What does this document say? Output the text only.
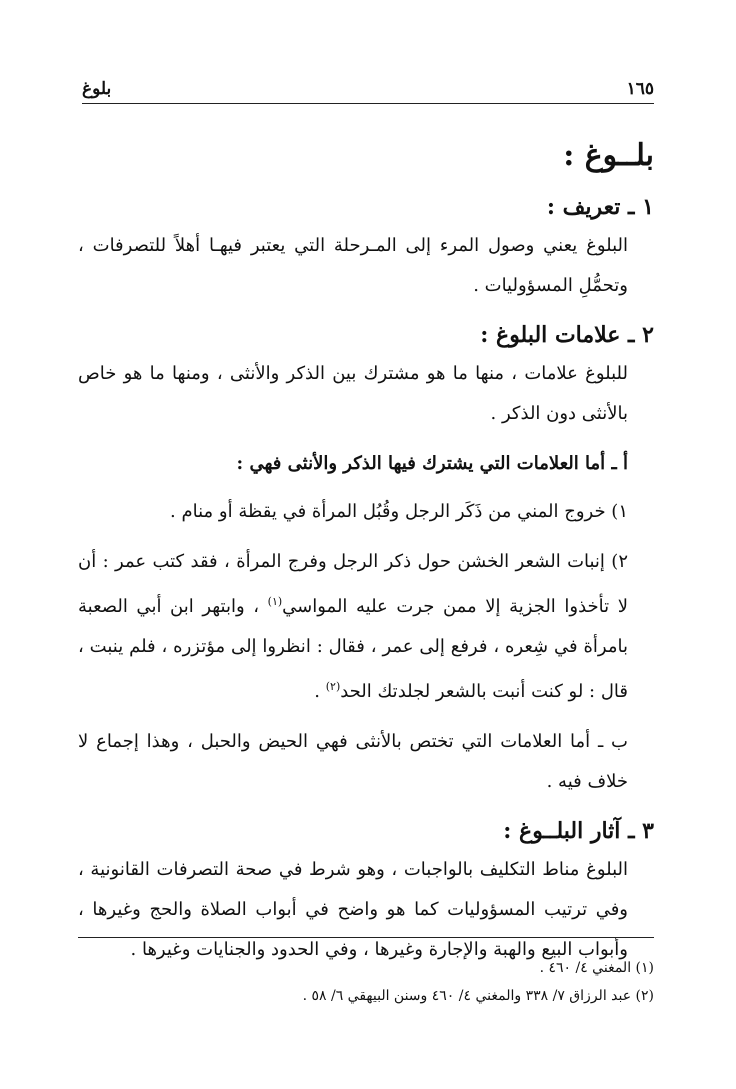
١٦٥
بلوغ
بلــوغ :
١ ـ تعريف :

البلوغ يعني وصول المرء إلى المـرحلة التي يعتبر فيهـا أهلاً للتصرفات ، وتحمُّلِ المسؤوليات .

٢ ـ علامات البلوغ :

للبلوغ علامات ، منها ما هو مشترك بين الذكر والأنثى ، ومنها ما هو خاص بالأنثى دون الذكر .

أ ـ أما العلامات التي يشترك فيها الذكر والأنثى فهي :

١) خروج المني من ذَكَر الرجل وقُبُل المرأة في يقظة أو منام .

٢) إنبات الشعر الخشن حول ذكر الرجل وفرج المرأة ، فقد كتب عمر : أن لا تأخذوا الجزية إلا ممن جرت عليه المواسي$^{(١)}$ ، وابتهر ابن أبي الصعبة بامرأة في شِعره ، فرفع إلى عمر ، فقال : انظروا إلى مؤتزره ، فلم ينبت ، قال : لو كنت أنبت بالشعر لجلدتك الحد$^{(٢)}$ .

ب ـ أما العلامات التي تختص بالأنثى فهي الحيض والحبل ، وهذا إجماع لا خلاف فيه .

٣ ـ آثار البلــوغ :

البلوغ مناط التكليف بالواجبات ، وهو شرط في صحة التصرفات القانونية ، وفي ترتيب المسؤوليات كما هو واضح في أبواب الصلاة والحج وغيرها ، وأبواب البيع والهبة والإجارة وغيرها ، وفي الحدود والجنايات وغيرها .

(١) المغني ٤/ ٤٦٠ .

(٢) عبد الرزاق ٧/ ٣٣٨ والمغني ٤/ ٤٦٠ وسنن البيهقي ٦/ ٥٨ .
